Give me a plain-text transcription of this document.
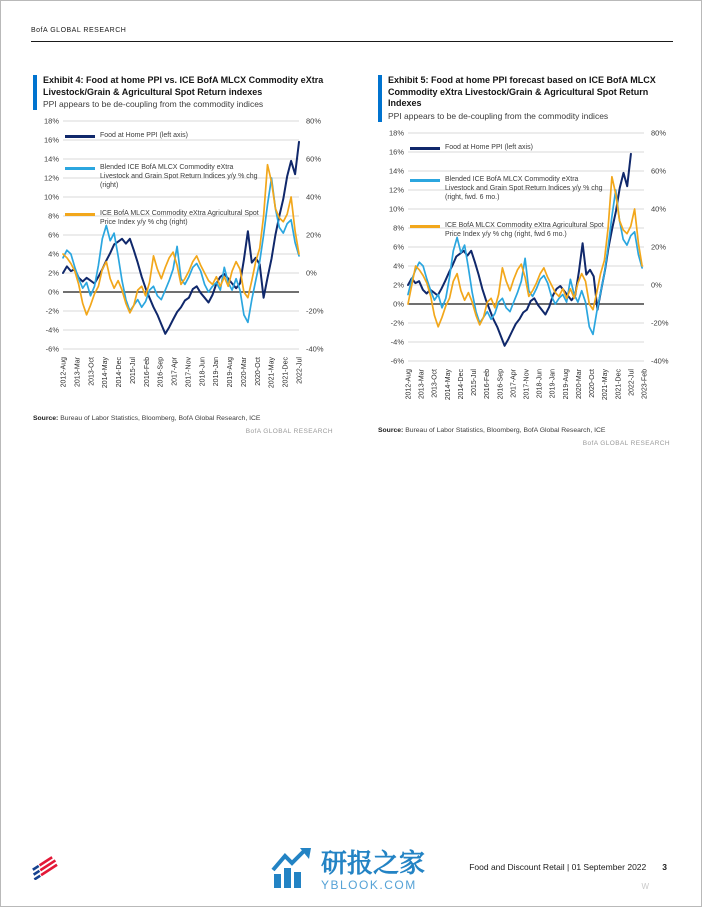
BofA GLOBAL RESEARCH
Exhibit 4: Food at home PPI vs. ICE BofA MLCX Commodity eXtra Livestock/Grain & Agricultural Spot Return indexes
PPI appears to be de-coupling from the commodity indices
18%
16%
14%
12%
10%
8%
6%
4%
2%
0%
-2%
-4%
-6%
80%
60%
40%
20%
0%
-20%
-40%
2012-Aug 2013-Mar 2013-Oct 2014-May 2014-Dec 2015-Jul 2016-Feb 2016-Sep 2017-Apr 2017-Nov 2018-Jun 2019-Jan 2019-Aug 2020-Mar 2020-Oct 2021-May 2021-Dec 2022-Jul
Food at Home PPI (left axis)
Blended ICE BofA MLCX Commodity eXtra Livestock and Grain Spot Return Indices y/y % chg (right)
ICE BofA MLCX Commodity eXtra Agricultural Spot Price Index y/y % chg (right)
Source: Bureau of Labor Statistics, Bloomberg, BofA Global Research, ICE
BofA GLOBAL RESEARCH
Exhibit 5: Food at home PPI forecast based on ICE BofA MLCX Commodity eXtra Livestock/Grain & Agricultural Spot Return Indexes
PPI appears to be de-coupling from the commodity indices
18%
16%
14%
12%
10%
8%
6%
4%
2%
0%
-2%
-4%
-6%
80%
60%
40%
20%
0%
-20%
-40%
2012-Aug 2013-Mar 2013-Oct 2014-May 2014-Dec 2015-Jul 2016-Feb 2016-Sep 2017-Apr 2017-Nov 2018-Jun 2019-Jan 2019-Aug 2020-Mar 2020-Oct 2021-May 2021-Dec 2022-Jul 2023-Feb
Food at Home PPI (left axis)
Blended ICE BofA MLCX Commodity eXtra Livestock and Grain Spot Return Indices y/y % chg (right, fwd. 6 mo.)
ICE BofA MLCX Commodity eXtra Agricultural Spot Price Index y/y % chg (right, fwd 6 mo.)
Source: Bureau of Labor Statistics, Bloomberg, BofA Global Research, ICE
BofA GLOBAL RESEARCH
研报之家
YBLOOK.COM
Food and Discount Retail | 01 September 2022 3
W
